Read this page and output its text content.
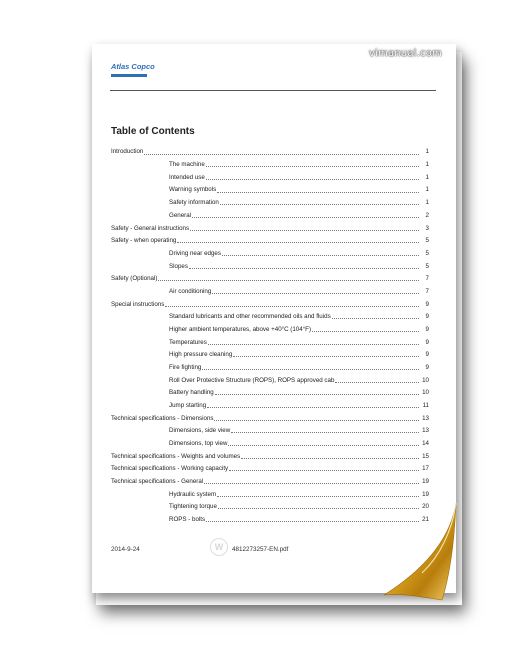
vimanual.com
Atlas Copco
Table of Contents
Introduction	1
The machine	1
Intended use	1
Warning symbols	1
Safety information	1
General	2
Safety - General instructions	3
Safety - when operating	5
Driving near edges	5
Slopes	5
Safety (Optional)	7
Air conditioning	7
Special instructions	9
Standard lubricants and other recommended oils and fluids	9
Higher ambient temperatures, above +40°C (104°F)	9
Temperatures	9
High pressure cleaning	9
Fire fighting	9
Roll Over Protective Structure (ROPS), ROPS approved cab	10
Battery handling	10
Jump starting	11
Technical specifications - Dimensions	13
Dimensions, side view	13
Dimensions, top view	14
Technical specifications - Weights and volumes	15
Technical specifications - Working capacity	17
Technical specifications - General	19
Hydraulic system	19
Tightening torque	20
ROPS - bolts	21
W
2014-9-24	4812273257-EN.pdf
